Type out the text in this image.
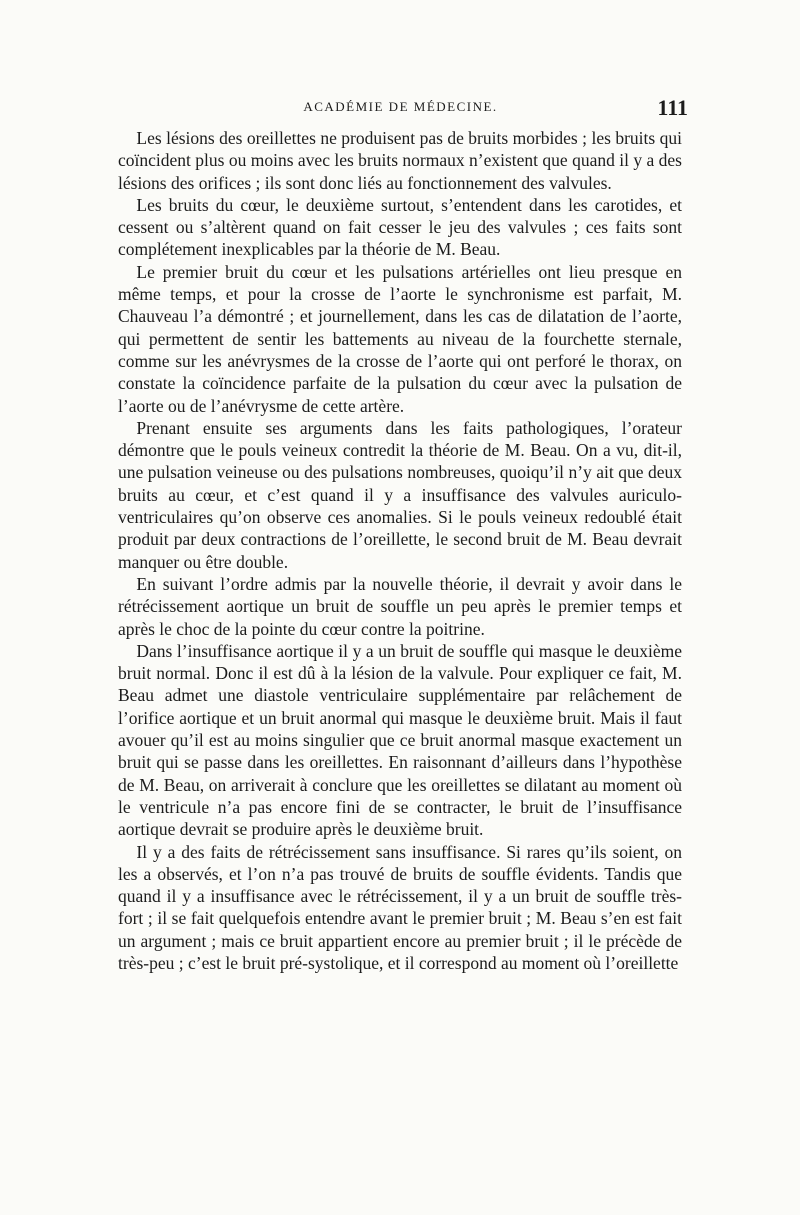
ACADÉMIE DE MÉDECINE.	111

Les lésions des oreillettes ne produisent pas de bruits morbides ; les bruits qui coïncident plus ou moins avec les bruits normaux n’existent que quand il y a des lésions des orifices ; ils sont donc liés au fonctionnement des valvules.

Les bruits du cœur, le deuxième surtout, s’entendent dans les carotides, et cessent ou s’altèrent quand on fait cesser le jeu des valvules ; ces faits sont complétement inexplicables par la théorie de M. Beau.

Le premier bruit du cœur et les pulsations artérielles ont lieu presque en même temps, et pour la crosse de l’aorte le synchronisme est parfait, M. Chauveau l’a démontré ; et journellement, dans les cas de dilatation de l’aorte, qui permettent de sentir les battements au niveau de la fourchette sternale, comme sur les anévrysmes de la crosse de l’aorte qui ont perforé le thorax, on constate la coïncidence parfaite de la pulsation du cœur avec la pulsation de l’aorte ou de l’anévrysme de cette artère.

Prenant ensuite ses arguments dans les faits pathologiques, l’orateur démontre que le pouls veineux contredit la théorie de M. Beau. On a vu, dit-il, une pulsation veineuse ou des pulsations nombreuses, quoiqu’il n’y ait que deux bruits au cœur, et c’est quand il y a insuffisance des valvules auriculo-ventriculaires qu’on observe ces anomalies. Si le pouls veineux redoublé était produit par deux contractions de l’oreillette, le second bruit de M. Beau devrait manquer ou être double.

En suivant l’ordre admis par la nouvelle théorie, il devrait y avoir dans le rétrécissement aortique un bruit de souffle un peu après le premier temps et après le choc de la pointe du cœur contre la poitrine.

Dans l’insuffisance aortique il y a un bruit de souffle qui masque le deuxième bruit normal. Donc il est dû à la lésion de la valvule. Pour expliquer ce fait, M. Beau admet une diastole ventriculaire supplémentaire par relâchement de l’orifice aortique et un bruit anormal qui masque le deuxième bruit. Mais il faut avouer qu’il est au moins singulier que ce bruit anormal masque exactement un bruit qui se passe dans les oreillettes. En raisonnant d’ailleurs dans l’hypothèse de M. Beau, on arriverait à conclure que les oreillettes se dilatant au moment où le ventricule n’a pas encore fini de se contracter, le bruit de l’insuffisance aortique devrait se produire après le deuxième bruit.

Il y a des faits de rétrécissement sans insuffisance. Si rares qu’ils soient, on les a observés, et l’on n’a pas trouvé de bruits de souffle évidents. Tandis que quand il y a insuffisance avec le rétrécissement, il y a un bruit de souffle très-fort ; il se fait quelquefois entendre avant le premier bruit ; M. Beau s’en est fait un argument ; mais ce bruit appartient encore au premier bruit ; il le précède de très-peu ; c’est le bruit pré-systolique, et il correspond au moment où l’oreillette
